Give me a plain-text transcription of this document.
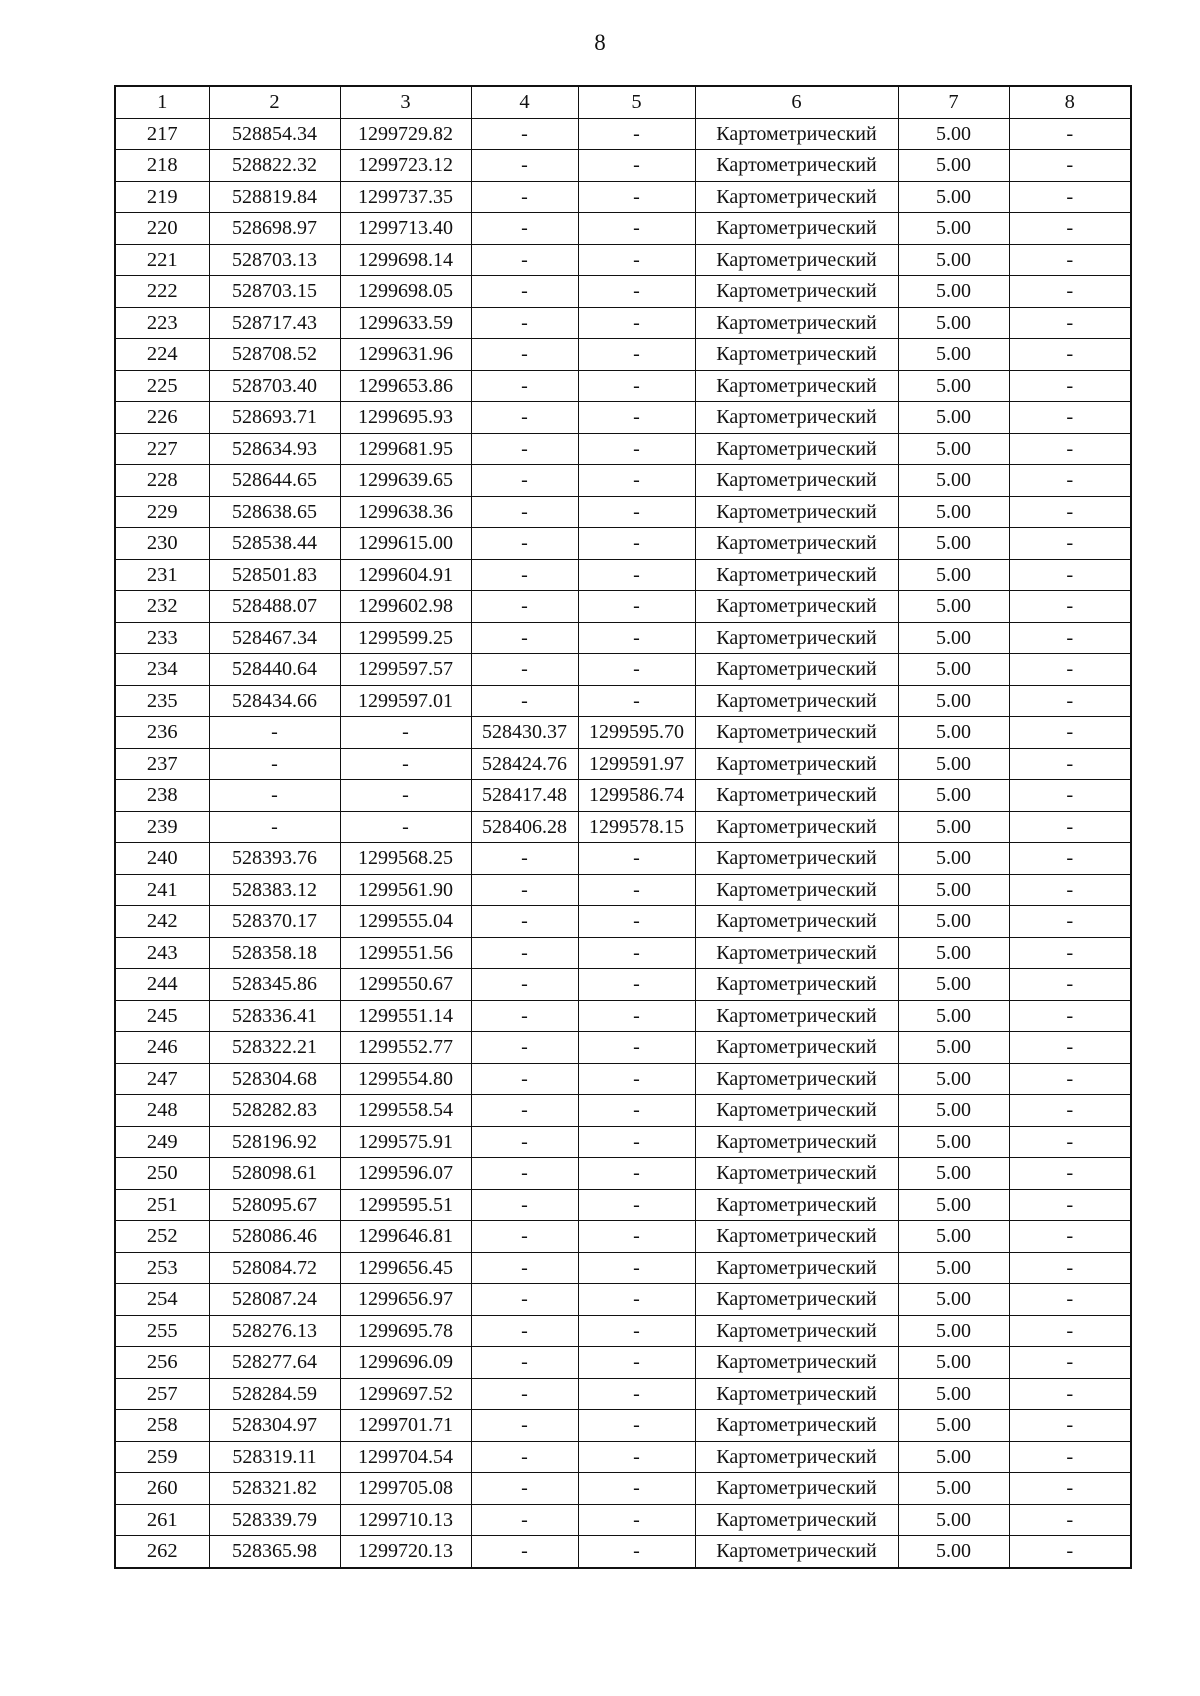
8
1	2	3	4	5	6	7	8
217	528854.34	1299729.82	-	-	Картометрический	5.00	-
218	528822.32	1299723.12	-	-	Картометрический	5.00	-
219	528819.84	1299737.35	-	-	Картометрический	5.00	-
220	528698.97	1299713.40	-	-	Картометрический	5.00	-
221	528703.13	1299698.14	-	-	Картометрический	5.00	-
222	528703.15	1299698.05	-	-	Картометрический	5.00	-
223	528717.43	1299633.59	-	-	Картометрический	5.00	-
224	528708.52	1299631.96	-	-	Картометрический	5.00	-
225	528703.40	1299653.86	-	-	Картометрический	5.00	-
226	528693.71	1299695.93	-	-	Картометрический	5.00	-
227	528634.93	1299681.95	-	-	Картометрический	5.00	-
228	528644.65	1299639.65	-	-	Картометрический	5.00	-
229	528638.65	1299638.36	-	-	Картометрический	5.00	-
230	528538.44	1299615.00	-	-	Картометрический	5.00	-
231	528501.83	1299604.91	-	-	Картометрический	5.00	-
232	528488.07	1299602.98	-	-	Картометрический	5.00	-
233	528467.34	1299599.25	-	-	Картометрический	5.00	-
234	528440.64	1299597.57	-	-	Картометрический	5.00	-
235	528434.66	1299597.01	-	-	Картометрический	5.00	-
236	-	-	528430.37	1299595.70	Картометрический	5.00	-
237	-	-	528424.76	1299591.97	Картометрический	5.00	-
238	-	-	528417.48	1299586.74	Картометрический	5.00	-
239	-	-	528406.28	1299578.15	Картометрический	5.00	-
240	528393.76	1299568.25	-	-	Картометрический	5.00	-
241	528383.12	1299561.90	-	-	Картометрический	5.00	-
242	528370.17	1299555.04	-	-	Картометрический	5.00	-
243	528358.18	1299551.56	-	-	Картометрический	5.00	-
244	528345.86	1299550.67	-	-	Картометрический	5.00	-
245	528336.41	1299551.14	-	-	Картометрический	5.00	-
246	528322.21	1299552.77	-	-	Картометрический	5.00	-
247	528304.68	1299554.80	-	-	Картометрический	5.00	-
248	528282.83	1299558.54	-	-	Картометрический	5.00	-
249	528196.92	1299575.91	-	-	Картометрический	5.00	-
250	528098.61	1299596.07	-	-	Картометрический	5.00	-
251	528095.67	1299595.51	-	-	Картометрический	5.00	-
252	528086.46	1299646.81	-	-	Картометрический	5.00	-
253	528084.72	1299656.45	-	-	Картометрический	5.00	-
254	528087.24	1299656.97	-	-	Картометрический	5.00	-
255	528276.13	1299695.78	-	-	Картометрический	5.00	-
256	528277.64	1299696.09	-	-	Картометрический	5.00	-
257	528284.59	1299697.52	-	-	Картометрический	5.00	-
258	528304.97	1299701.71	-	-	Картометрический	5.00	-
259	528319.11	1299704.54	-	-	Картометрический	5.00	-
260	528321.82	1299705.08	-	-	Картометрический	5.00	-
261	528339.79	1299710.13	-	-	Картометрический	5.00	-
262	528365.98	1299720.13	-	-	Картометрический	5.00	-
